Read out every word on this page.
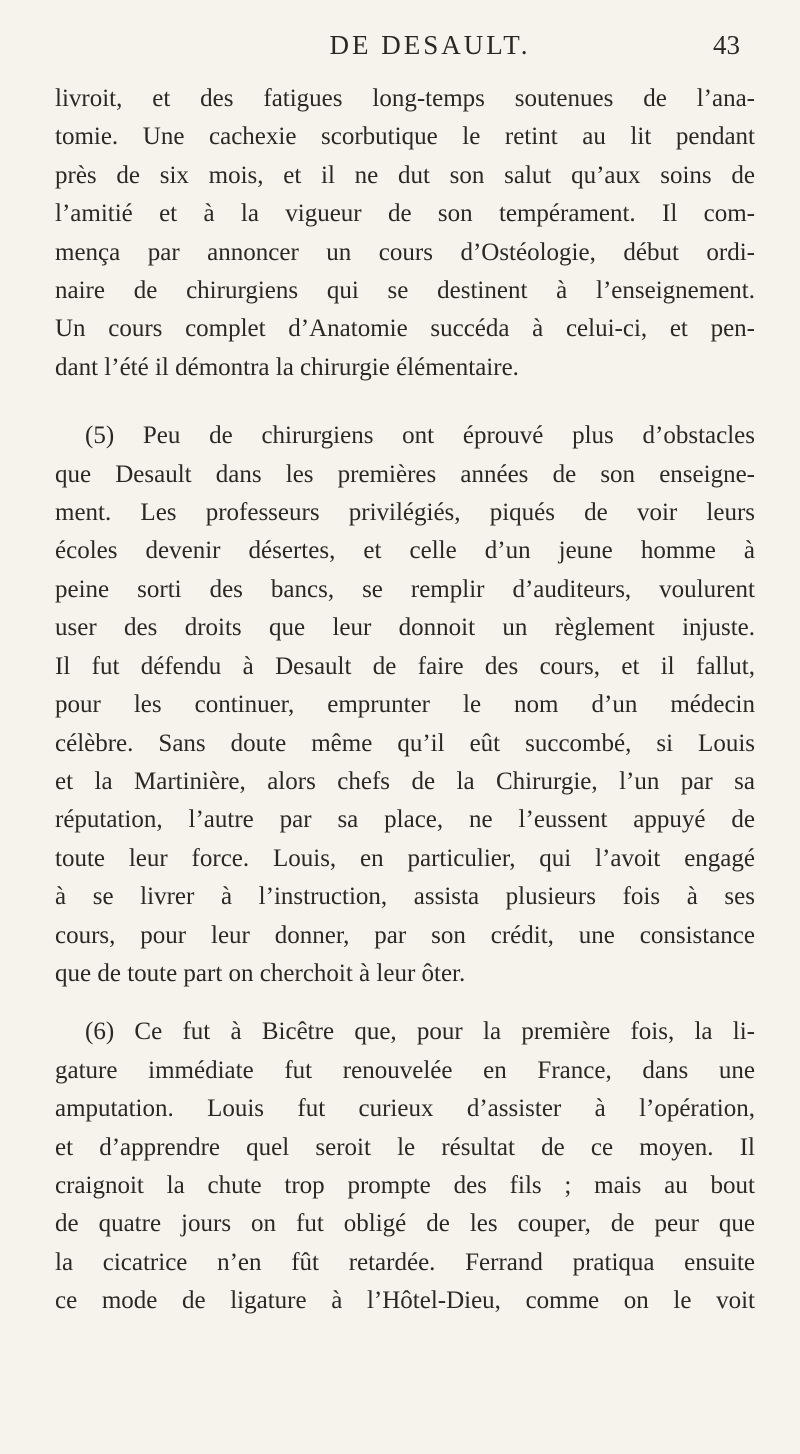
DE DESAULT.	43
livroit, et des fatigues long-temps soutenues de l’ana-
tomie. Une cachexie scorbutique le retint au lit pendant
près de six mois, et il ne dut son salut qu’aux soins de
l’amitié et à la vigueur de son tempérament. Il com-
mença par annoncer un cours d’Ostéologie, début ordi-
naire de chirurgiens qui se destinent à l’enseignement.
Un cours complet d’Anatomie succéda à celui-ci, et pen-
dant l’été il démontra la chirurgie élémentaire.
(5) Peu de chirurgiens ont éprouvé plus d’obstacles
que Desault dans les premières années de son enseigne-
ment. Les professeurs privilégiés, piqués de voir leurs
écoles devenir désertes, et celle d’un jeune homme à
peine sorti des bancs, se remplir d’auditeurs, voulurent
user des droits que leur donnoit un règlement injuste.
Il fut défendu à Desault de faire des cours, et il fallut,
pour les continuer, emprunter le nom d’un médecin
célèbre. Sans doute même qu’il eût succombé, si Louis
et la Martinière, alors chefs de la Chirurgie, l’un par sa
réputation, l’autre par sa place, ne l’eussent appuyé de
toute leur force. Louis, en particulier, qui l’avoit engagé
à se livrer à l’instruction, assista plusieurs fois à ses
cours, pour leur donner, par son crédit, une consistance
que de toute part on cherchoit à leur ôter.
(6) Ce fut à Bicêtre que, pour la première fois, la li-
gature immédiate fut renouvelée en France, dans une
amputation. Louis fut curieux d’assister à l’opération,
et d’apprendre quel seroit le résultat de ce moyen. Il
craignoit la chute trop prompte des fils ; mais au bout
de quatre jours on fut obligé de les couper, de peur que
la cicatrice n’en fût retardée. Ferrand pratiqua ensuite
ce mode de ligature à l’Hôtel-Dieu, comme on le voit
